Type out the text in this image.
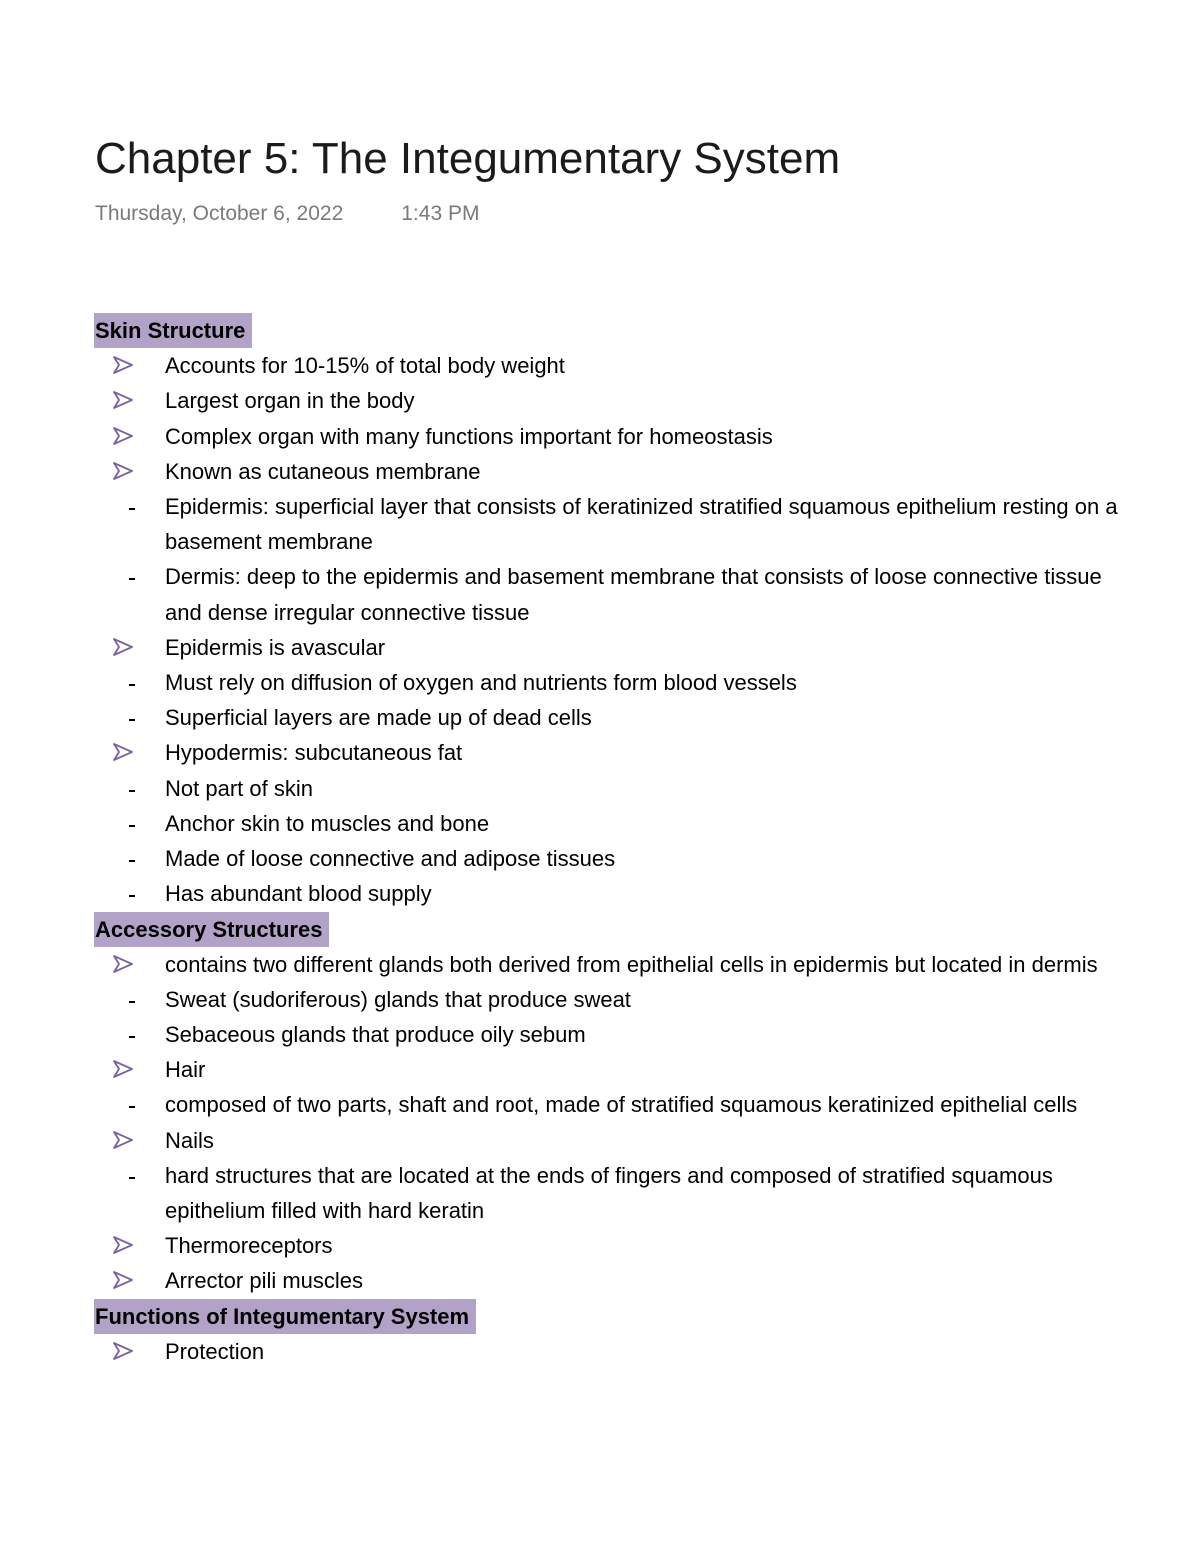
Chapter 5: The Integumentary System
Thursday, October 6, 2022	1:43 PM
Skin Structure
Accounts for 10-15% of total body weight
Largest organ in the body
Complex organ with many functions important for homeostasis
Known as cutaneous membrane
Epidermis: superficial layer that consists of keratinized stratified squamous epithelium resting on a basement membrane
Dermis: deep to the epidermis and basement membrane that consists of loose connective tissue and dense irregular connective tissue
Epidermis is avascular
Must rely on diffusion of oxygen and nutrients form blood vessels
Superficial layers are made up of dead cells
Hypodermis: subcutaneous fat
Not part of skin
Anchor skin to muscles and bone
Made of loose connective and adipose tissues
Has abundant blood supply
Accessory Structures
contains two different glands both derived from epithelial cells in epidermis but located in dermis
Sweat (sudoriferous) glands that produce sweat
Sebaceous glands that produce oily sebum
Hair
composed of two parts, shaft and root, made of stratified squamous keratinized epithelial cells
Nails
hard structures that are located at the ends of fingers and composed of stratified squamous epithelium filled with hard keratin
Thermoreceptors
Arrector pili muscles
Functions of Integumentary System
Protection
